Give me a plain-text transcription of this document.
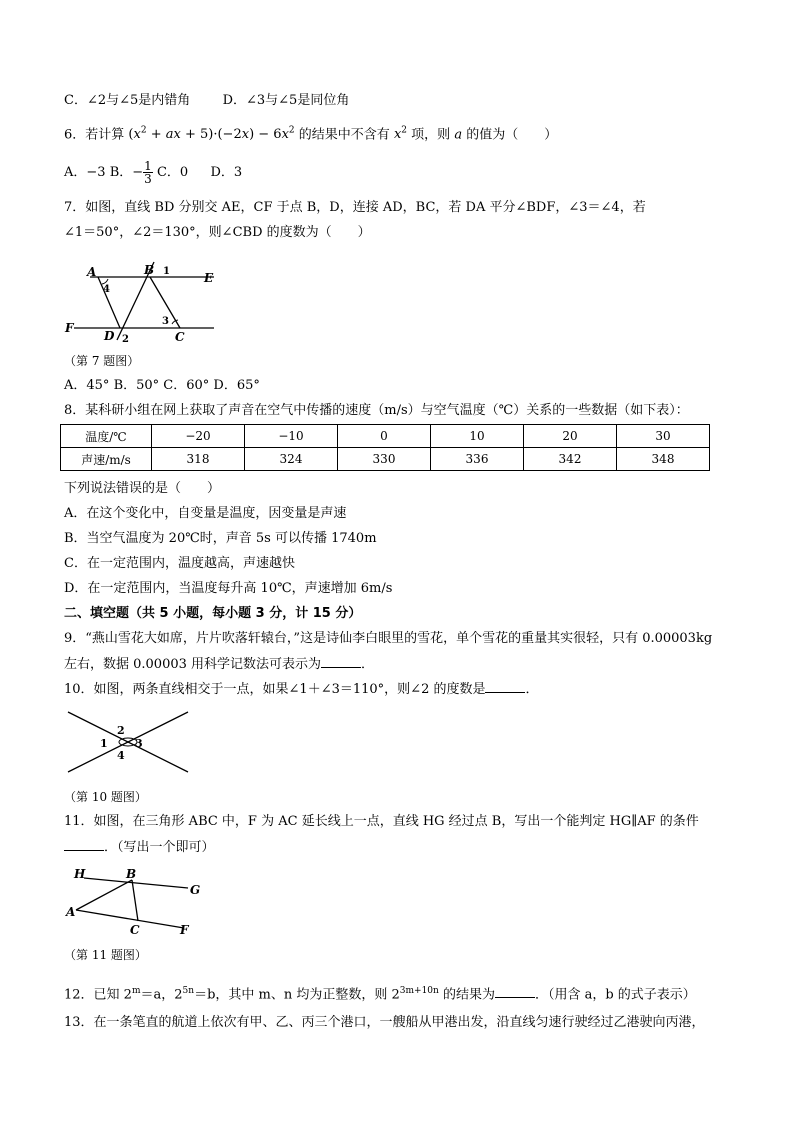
C．∠2与∠5是内错角 D．∠3与∠5是同位角
6．若计算 ($x^2$ + ax + $5)\cdot(-2x) - 6x^2$ 的结果中不含有 $x^2$ 项，则 a 的值为（　　）
A．−3 B．− $\frac{1}{3}$ C．0 D．3
7．如图，直线 BD 分别交 AE，CF 于点 B，D，连接 AD，BC，若 DA 平分∠BDF，∠3＝∠4，若
∠1＝50°，∠2＝130°，则∠CBD 的度数为（　　）
A	B 1	E
4
3
F
D 2	C
（第 7 题图）
A．45° B．50° C．60° D．65°
8．某科研小组在网上获取了声音在空气中传播的速度（m/s）与空气温度（℃）关系的一些数据（如下表）：
温度/℃	−20	−10	0	10	20	30
声速/m/s	318	324	330	336	342	348
下列说法错误的是（　　）
A．在这个变化中，自变量是温度，因变量是声速
B．当空气温度为 20℃时，声音 5s 可以传播 1740m
C．在一定范围内，温度越高，声速越快
D．在一定范围内，当温度每升高 10℃，声速增加 6m/s
二、填空题（共 5 小题，每小题 3 分，计 15 分）
9．“燕山雪花大如席，片片吹落轩辕台，”这是诗仙李白眼里的雪花，单个雪花的重量其实很轻，只有 0.00003kg
左右，数据 0.00003 用科学记数法可表示为	．
10．如图，两条直线相交于一点，如果∠1＋∠3＝110°，则∠2 的度数是	．
2
1 3
4
（第 10 题图）
11．如图，在三角形 ABC 中，F 为 AC 延长线上一点，直线 HG 经过点 B，写出一个能判定 HG∥AF 的条件
．（写出一个即可）
H	B
G
A
C	F
（第 11 题图）
12．已知 $2^m=a$，$2^{5n}=b$，其中 m、n 均为正整数，则 $2^{3m+10n}$ 的结果为	．（用含 a，b 的式子表示）
13．在一条笔直的航道上依次有甲、乙、丙三个港口，一艘船从甲港出发，沿直线匀速行驶经过乙港驶向丙港，
